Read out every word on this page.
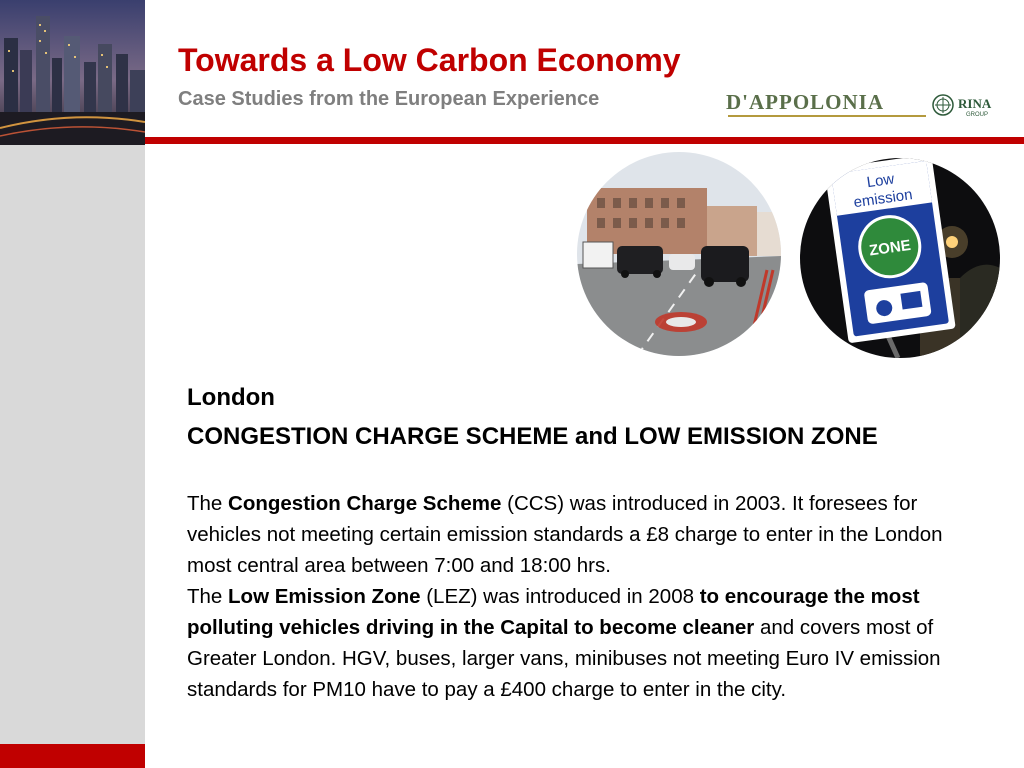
Towards a Low Carbon Economy
Case Studies from the European Experience	D'APPOLONIA	RINA
GROUP
Low
emission
ZONE

London

CONGESTION CHARGE SCHEME and LOW EMISSION ZONE

The Congestion Charge Scheme (CCS) was introduced in 2003. It foresees for vehicles not meeting certain emission standards a £8 charge to enter in the London most central area between 7:00 and 18:00 hrs.

The Low Emission Zone (LEZ) was introduced in 2008 to encourage the most polluting vehicles driving in the Capital to become cleaner and covers most of Greater London. HGV, buses, larger vans, minibuses not meeting Euro IV emission standards for PM10 have to pay a £400 charge to enter in the city.
